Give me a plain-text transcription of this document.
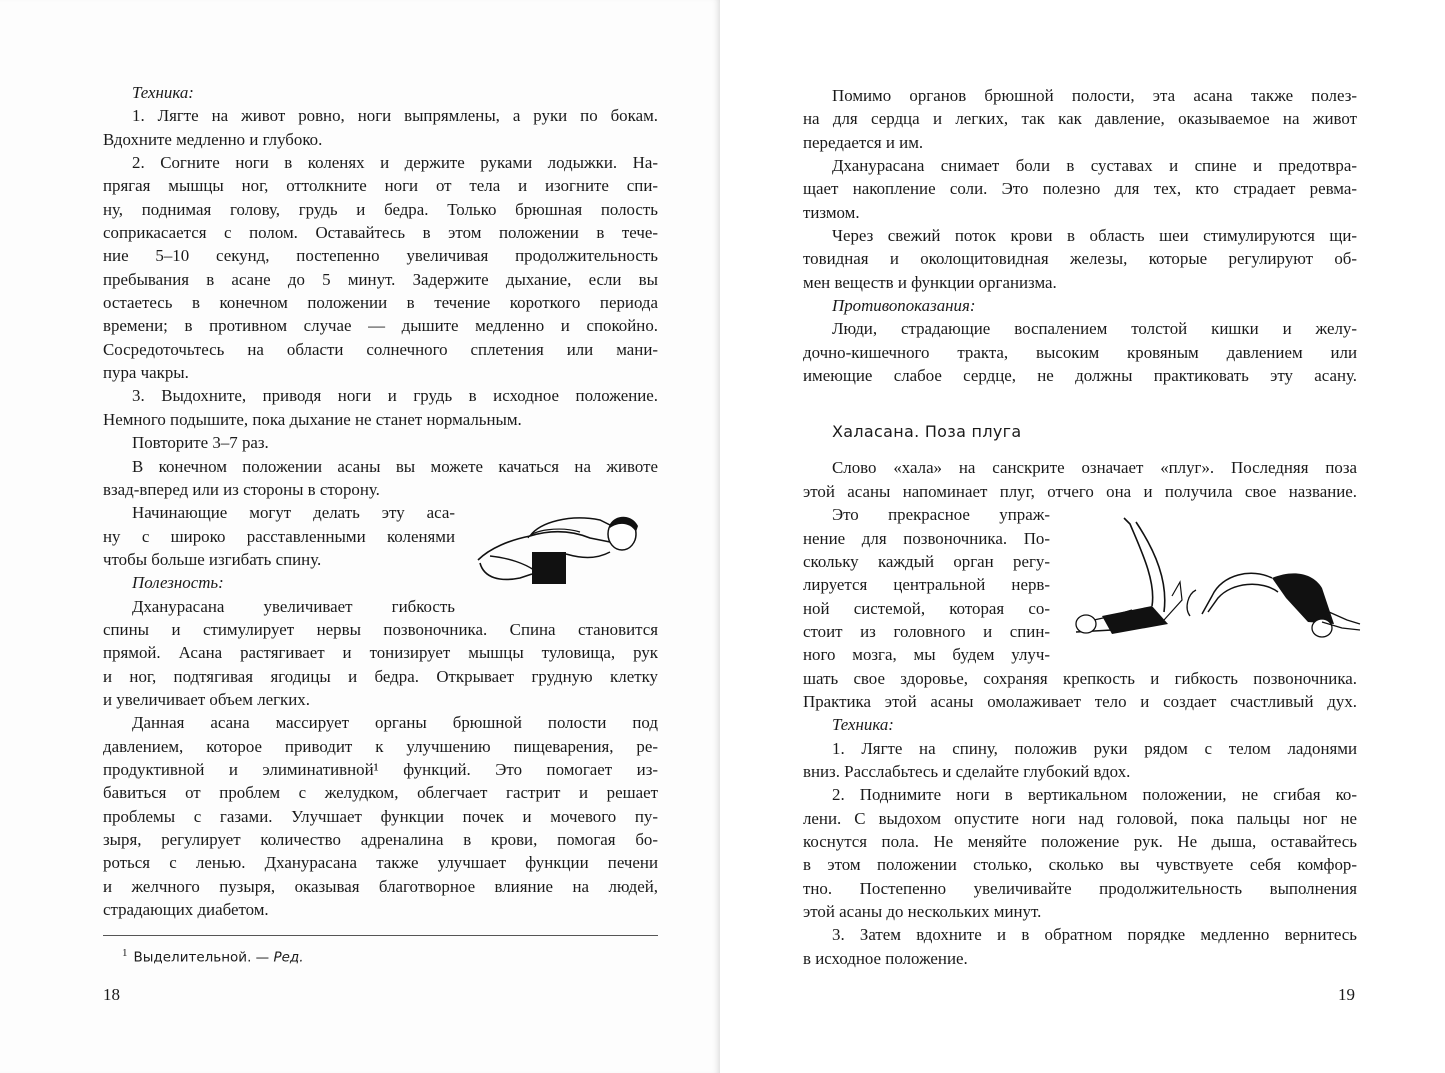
Техника:
1. Лягте на живот ровно, ноги выпрямлены, а руки по бокам.
Вдохните медленно и глубоко.
2. Согните ноги в коленях и держите руками лодыжки. На-
прягая мышцы ног, оттолкните ноги от тела и изогните спи-
ну, поднимая голову, грудь и бедра. Только брюшная полость
соприкасается с полом. Оставайтесь в этом положении в тече-
ние 5–10 секунд, постепенно увеличивая продолжительность
пребывания в асане до 5 минут. Задержите дыхание, если вы
остаетесь в конечном положении в течение короткого периода
времени; в противном случае — дышите медленно и спокойно.
Сосредоточьтесь на области солнечного сплетения или мани-
пура чакры.
3. Выдохните, приводя ноги и грудь в исходное положение.
Немного подышите, пока дыхание не станет нормальным.
Повторите 3–7 раз.
В конечном положении асаны вы можете качаться на животе
взад-вперед или из стороны в сторону.
Начинающие могут делать эту аса-
ну с широко расставленными коленями
чтобы больше изгибать спину.
Полезность:
Дханурасана увеличивает гибкость
спины и стимулирует нервы позвоночника. Спина становится
прямой. Асана растягивает и тонизирует мышцы туловища, рук
и ног, подтягивая ягодицы и бедра. Открывает грудную клетку
и увеличивает объем легких.
Данная асана массирует органы брюшной полости под
давлением, которое приводит к улучшению пищеварения, ре-
продуктивной и элиминативной¹ функций. Это помогает из-
бавиться от проблем с желудком, облегчает гастрит и решает
проблемы с газами. Улучшает функции почек и мочевого пу-
зыря, регулирует количество адреналина в крови, помогая бо-
роться с ленью. Дханурасана также улучшает функции печени
и желчного пузыря, оказывая благотворное влияние на людей,
страдающих диабетом.
$^1$ Выделительной. — Ред.
18
Помимо органов брюшной полости, эта асана также полез-
на для сердца и легких, так как давление, оказываемое на живот
передается и им.
Дханурасана снимает боли в суставах и спине и предотвра-
щает накопление соли. Это полезно для тех, кто страдает ревма-
тизмом.
Через свежий поток крови в область шеи стимулируются щи-
товидная и околощитовидная железы, которые регулируют об-
мен веществ и функции организма.
Противопоказания:
Люди, страдающие воспалением толстой кишки и желу-
дочно-кишечного тракта, высоким кровяным давлением или
имеющие слабое сердце, не должны практиковать эту асану.
Халасана. Поза плуга
Слово «хала» на санскрите означает «плуг». Последняя поза
этой асаны напоминает плуг, отчего она и получила свое название.
Это прекрасное упраж-
нение для позвоночника. По-
скольку каждый орган регу-
лируется центральной нерв-
ной системой, которая со-
стоит из головного и спин-
ного мозга, мы будем улуч-
шать свое здоровье, сохраняя крепкость и гибкость позвоночника.
Практика этой асаны омолаживает тело и создает счастливый дух.
Техника:
1. Лягте на спину, положив руки рядом с телом ладонями
вниз. Расслабьтесь и сделайте глубокий вдох.
2. Поднимите ноги в вертикальном положении, не сгибая ко-
лени. С выдохом опустите ноги над головой, пока пальцы ног не
коснутся пола. Не меняйте положение рук. Не дыша, оставайтесь
в этом положении столько, сколько вы чувствуете себя комфор-
тно. Постепенно увеличивайте продолжительность выполнения
этой асаны до нескольких минут.
3. Затем вдохните и в обратном порядке медленно вернитесь
в исходное положение.
19
